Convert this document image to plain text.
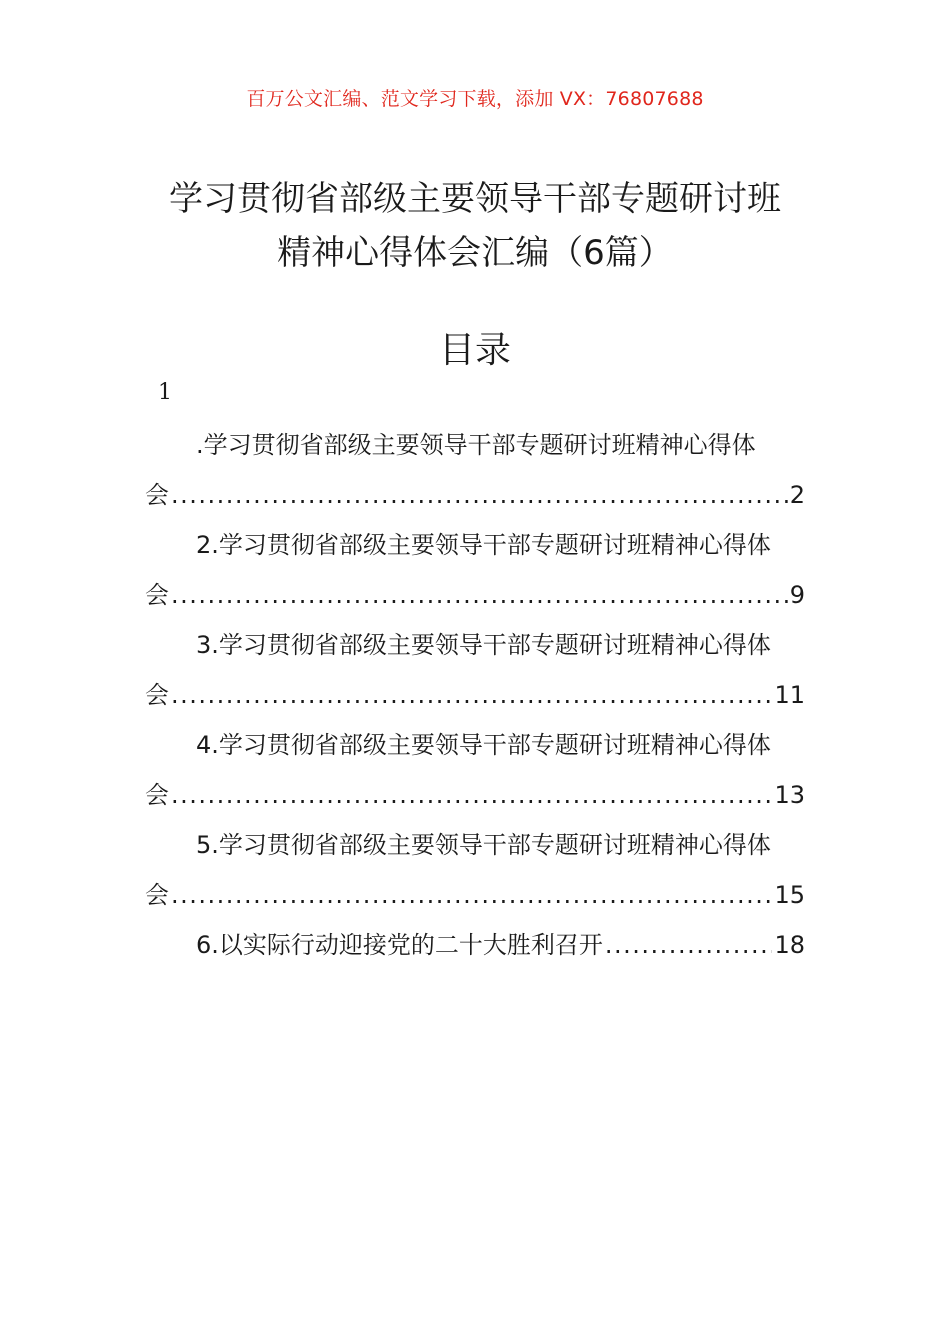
百万公文汇编、范文学习下载，添加 VX：76807688
学习贯彻省部级主要领导干部专题研讨班
精神心得体会汇编（6篇）
目录
1
.学习贯彻省部级主要领导干部专题研讨班精神心得体
会 .....	2
2.学习贯彻省部级主要领导干部专题研讨班精神心得体
会 .....	9
3.学习贯彻省部级主要领导干部专题研讨班精神心得体
会 .....	11
4.学习贯彻省部级主要领导干部专题研讨班精神心得体
会 .....	13
5.学习贯彻省部级主要领导干部专题研讨班精神心得体
会 .....	15
6.以实际行动迎接党的二十大胜利召开 .....	18
